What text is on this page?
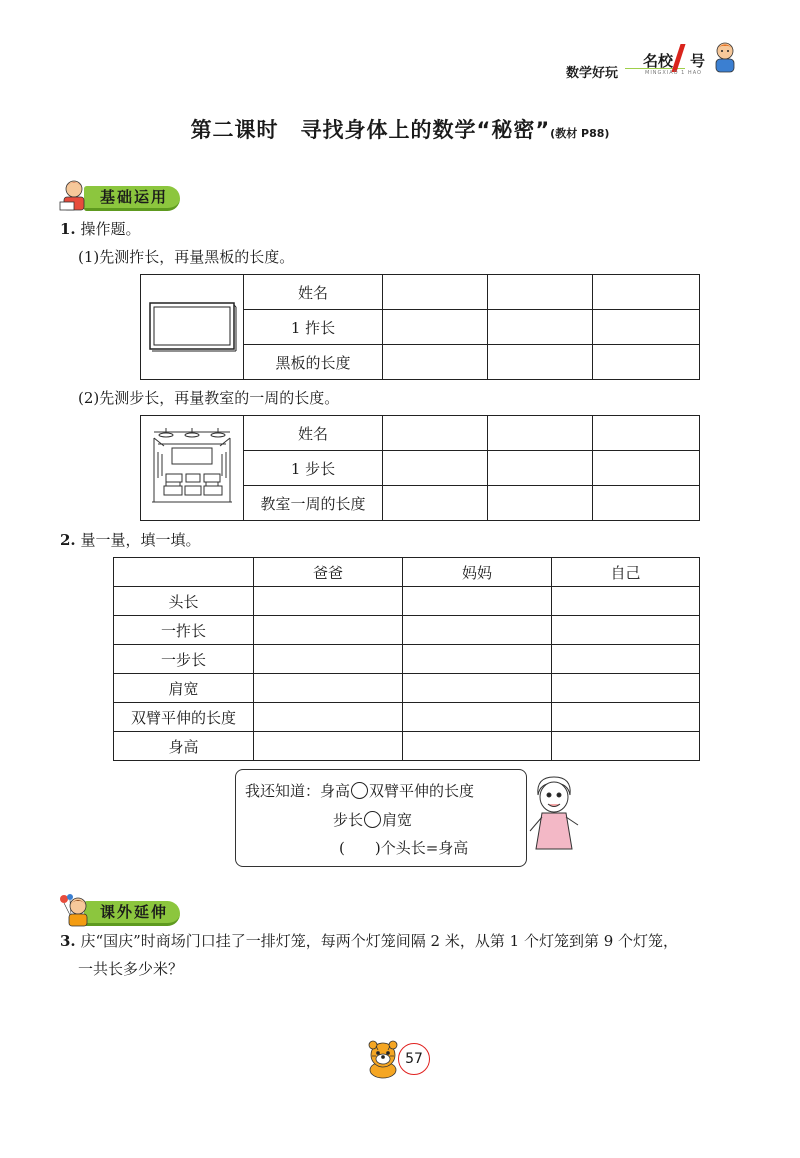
数学好玩
名校 号
MINGXIAO 1 HAO
第二课时　寻找身体上的数学“秘密”(教材 P88)
基础运用
1. 操作题。
(1)先测拃长，再量黑板的长度。
	姓名			
	1 拃长			
	黑板的长度			
(2)先测步长，再量教室的一周的长度。
	姓名			
	1 步长			
	教室一周的长度			
2. 量一量，填一填。
	爸爸	妈妈	自己
头长			
一拃长			
一步长			
肩宽			
双臂平伸的长度			
身高			
我还知道：身高 双臂平伸的长度
步长 肩宽
(　　)个头长=身高
课外延伸
3. 庆“国庆”时商场门口挂了一排灯笼，每两个灯笼间隔 2 米，从第 1 个灯笼到第 9 个灯笼，
一共长多少米？
57
